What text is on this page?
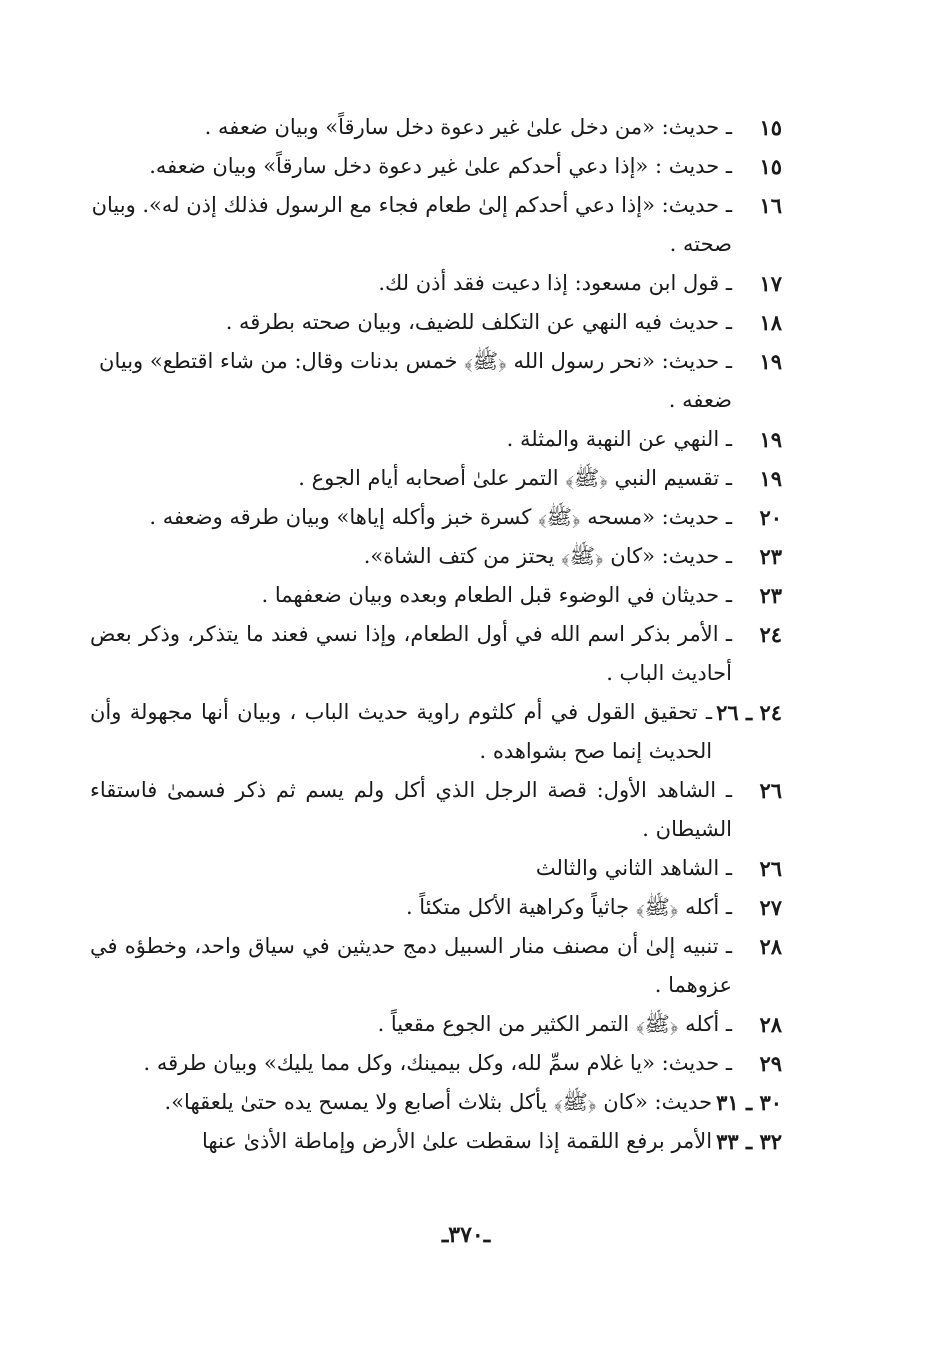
١٥
ـ حديث: «من دخل علىٰ غير دعوة دخل سارقاً» وبيان ضعفه .
١٥
ـ حديث : «إذا دعي أحدكم علىٰ غير دعوة دخل سارقاً» وبيان ضعفه.
١٦
ـ حديث: «إذا دعي أحدكم إلىٰ طعام فجاء مع الرسول فذلك إذن له». وبيان صحته .
١٧
ـ قول ابن مسعود: إذا دعيت فقد أذن لك.
١٨
ـ حديث فيه النهي عن التكلف للضيف، وبيان صحته بطرقه .
١٩
ـ حديث: «نحر رسول الله ﴿ﷺ﴾ خمس بدنات وقال: من شاء اقتطع» وبيان ضعفه .
١٩
ـ النهي عن النهبة والمثلة .
١٩
ـ تقسيم النبي ﴿ﷺ﴾ التمر علىٰ أصحابه أيام الجوع .
٢٠
ـ حديث: «مسحه ﴿ﷺ﴾ كسرة خبز وأكله إياها» وبيان طرقه وضعفه .
٢٣
ـ حديث: «كان ﴿ﷺ﴾ يحتز من كتف الشاة».
٢٣
ـ حديثان في الوضوء قبل الطعام وبعده وبيان ضعفهما .
٢٤
ـ الأمر بذكر اسم الله في أول الطعام، وإذا نسي فعند ما يتذكر، وذكر بعض أحاديث الباب .
٢٤ ـ ٢٦
ـ تحقيق القول في أم كلثوم راوية حديث الباب ، وبيان أنها مجهولة وأن الحديث إنما صح بشواهده .
٢٦
ـ الشاهد الأول: قصة الرجل الذي أكل ولم يسم ثم ذكر فسمىٰ فاستقاء الشيطان .
٢٦
ـ الشاهد الثاني والثالث
٢٧
ـ أكله ﴿ﷺ﴾ جاثياً وكراهية الأكل متكئاً .
٢٨
ـ تنبيه إلىٰ أن مصنف منار السبيل دمج حديثين في سياق واحد، وخطؤه في عزوهما .
٢٨
ـ أكله ﴿ﷺ﴾ التمر الكثير من الجوع مقعياً .
٢٩
ـ حديث: «يا غلام سمِّ لله، وكل بيمينك، وكل مما يليك» وبيان طرقه .
٣٠ ـ ٣١
حديث: «كان ﴿ﷺ﴾ يأكل بثلاث أصابع ولا يمسح يده حتىٰ يلعقها».
٣٢ ـ ٣٣
الأمر برفع اللقمة إذا سقطت علىٰ الأرض وإماطة الأذىٰ عنها
ـ٣٧٠ـ
